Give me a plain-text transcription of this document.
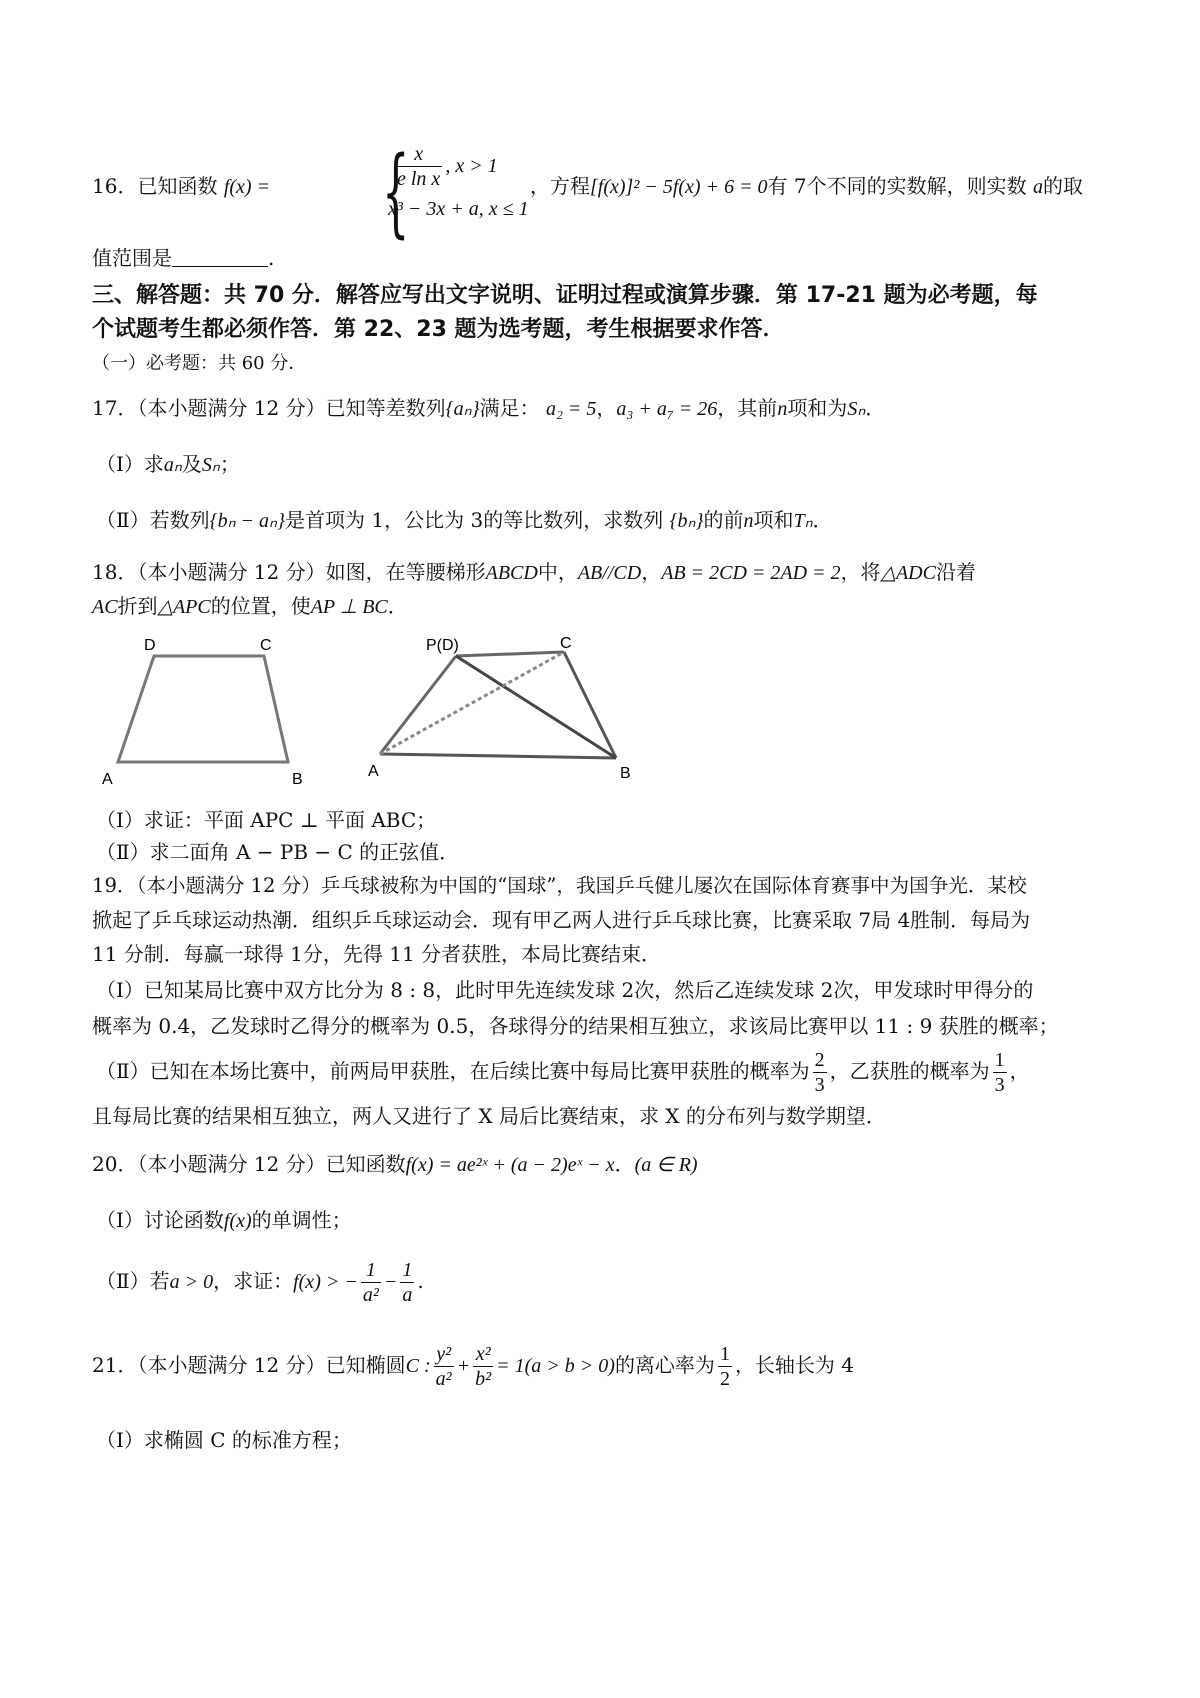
16．已知函数 f(x) = {
$\frac{x}{\text{e ln x}}$ , x > 1
x³ − 3x + a, x ≤ 1
，方程[f(x)]² − 5f(x) + 6 = 0有 7个不同的实数解，则实数 a的取
值范围是	.
三、解答题：共 70 分．解答应写出文字说明、证明过程或演算步骤．第 17-21 题为必考题，每
个试题考生都必须作答．第 22、23 题为选考题，考生根据要求作答．
（一）必考题：共 60 分．
17．（本小题满分 12 分）已知等差数列{aₙ}满足： a₂ = 5，a₃ + a₇ = 26，其前n项和为Sₙ．
（Ⅰ）求aₙ及Sₙ；
（Ⅱ）若数列{bₙ − aₙ}是首项为 1，公比为 3的等比数列，求数列 {bₙ}的前n项和Tₙ．
18．（本小题满分 12 分）如图，在等腰梯形ABCD中，AB//CD，AB = 2CD = 2AD = 2，将△ADC沿着
AC折到△APC的位置，使AP ⊥ BC．
A	B
C
D
A	B
C
P(D)
（Ⅰ）求证：平面 APC ⊥ 平面 ABC；
（Ⅱ）求二面角 A − PB − C 的正弦值．
19．（本小题满分 12 分）乒乓球被称为中国的“国球”，我国乒乓健儿屡次在国际体育赛事中为国争光．某校
掀起了乒乓球运动热潮．组织乒乓球运动会．现有甲乙两人进行乒乓球比赛，比赛采取 7局 4胜制．每局为
11 分制．每赢一球得 1分，先得 11 分者获胜，本局比赛结束．
（Ⅰ）已知某局比赛中双方比分为 8 : 8，此时甲先连续发球 2次，然后乙连续发球 2次，甲发球时甲得分的
概率为 0.4，乙发球时乙得分的概率为 0.5，各球得分的结果相互独立，求该局比赛甲以 11 : 9 获胜的概率；
（Ⅱ）已知在本场比赛中，前两局甲获胜，在后续比赛中每局比赛甲获胜的概率为 $\frac{2}{3}$ ，乙获胜的概率为 $\frac{1}{3}$ ，
且每局比赛的结果相互独立，两人又进行了 X 局后比赛结束，求 X 的分布列与数学期望．
20．（本小题满分 12 分）已知函数f(x) = ae²ˣ + (a − 2)eˣ − x．(a ∈ R)
（Ⅰ）讨论函数f(x)的单调性；
（Ⅱ）若a > 0，求证：f(x) > − $\frac{1}{\text{a²}} - \frac{1}{a}$ .
21．（本小题满分 12 分）已知椭圆C : $\frac{\text{y²}}{\text{a²}} + \frac{\text{x²}}{\text{b²}} = 1(a > b > 0)$的离心率为 $\frac{1}{2}$ ，长轴长为 4
（Ⅰ）求椭圆 C 的标准方程；
